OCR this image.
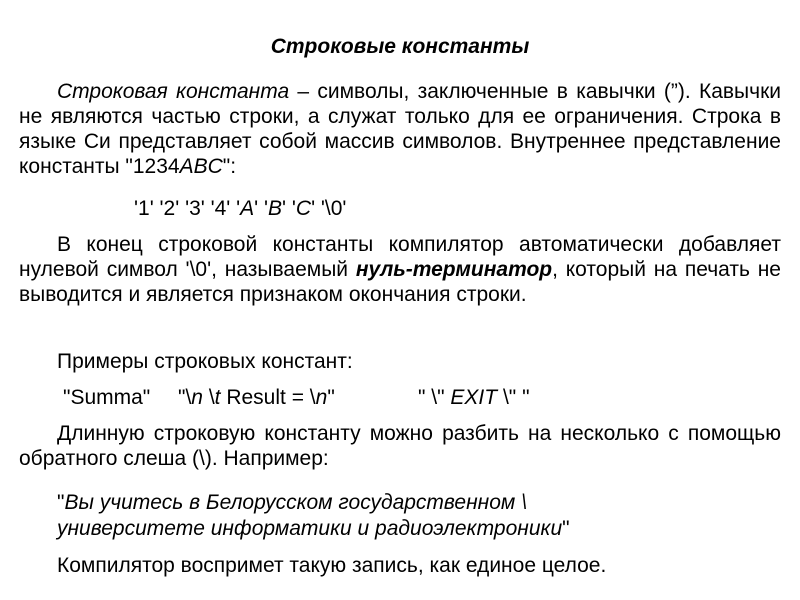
Строковые константы
Строковая константа – символы, заключенные в кавычки (”). Кавычки не являются частью строки, а служат только для ее ограничения. Строка в языке Си представляет собой массив символов. Внутреннее представление константы "1234ABC":
'1' '2' '3' '4' 'A' 'B' 'C' '\0'
В конец строковой константы компилятор автоматически добавляет нулевой символ '\0', называемый нуль-терминатор, который на печать не выводится и является признаком окончания строки.
Примеры строковых констант:
"Summa" "\n \t Result = \n"	" \" EXIT \" "
Длинную строковую константу можно разбить на несколько с помощью обратного слеша (\). Например:
"Вы учитесь в Белорусском государственном \
университете информатики и радиоэлектроники"
Компилятор воспримет такую запись, как единое целое.
